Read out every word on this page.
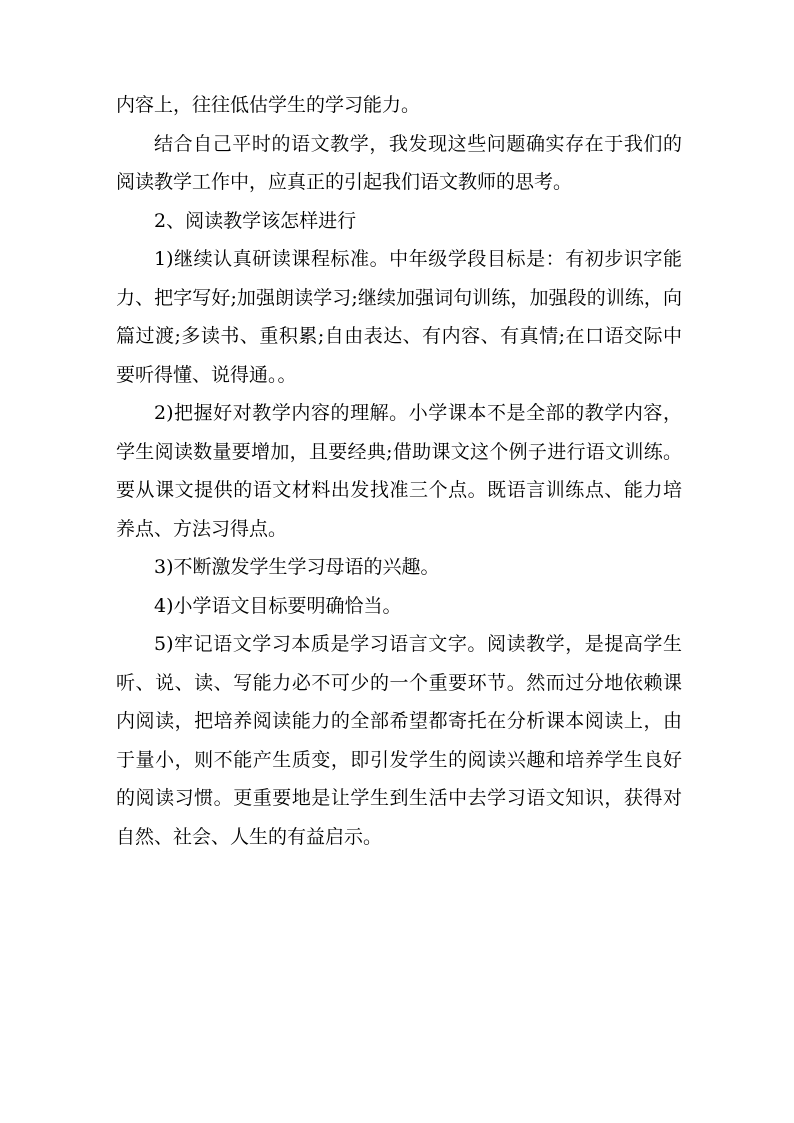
内容上，往往低估学生的学习能力。

结合自己平时的语文教学，我发现这些问题确实存在于我们的阅读教学工作中，应真正的引起我们语文教师的思考。

2、阅读教学该怎样进行

1)继续认真研读课程标准。中年级学段目标是：有初步识字能力、把字写好;加强朗读学习;继续加强词句训练，加强段的训练，向篇过渡;多读书、重积累;自由表达、有内容、有真情;在口语交际中要听得懂、说得通。。

2)把握好对教学内容的理解。小学课本不是全部的教学内容，学生阅读数量要增加，且要经典;借助课文这个例子进行语文训练。要从课文提供的语文材料出发找准三个点。既语言训练点、能力培养点、方法习得点。

3)不断激发学生学习母语的兴趣。

4)小学语文目标要明确恰当。

5)牢记语文学习本质是学习语言文字。阅读教学，是提高学生听、说、读、写能力必不可少的一个重要环节。然而过分地依赖课内阅读，把培养阅读能力的全部希望都寄托在分析课本阅读上，由于量小，则不能产生质变，即引发学生的阅读兴趣和培养学生良好的阅读习惯。更重要地是让学生到生活中去学习语文知识，获得对自然、社会、人生的有益启示。
